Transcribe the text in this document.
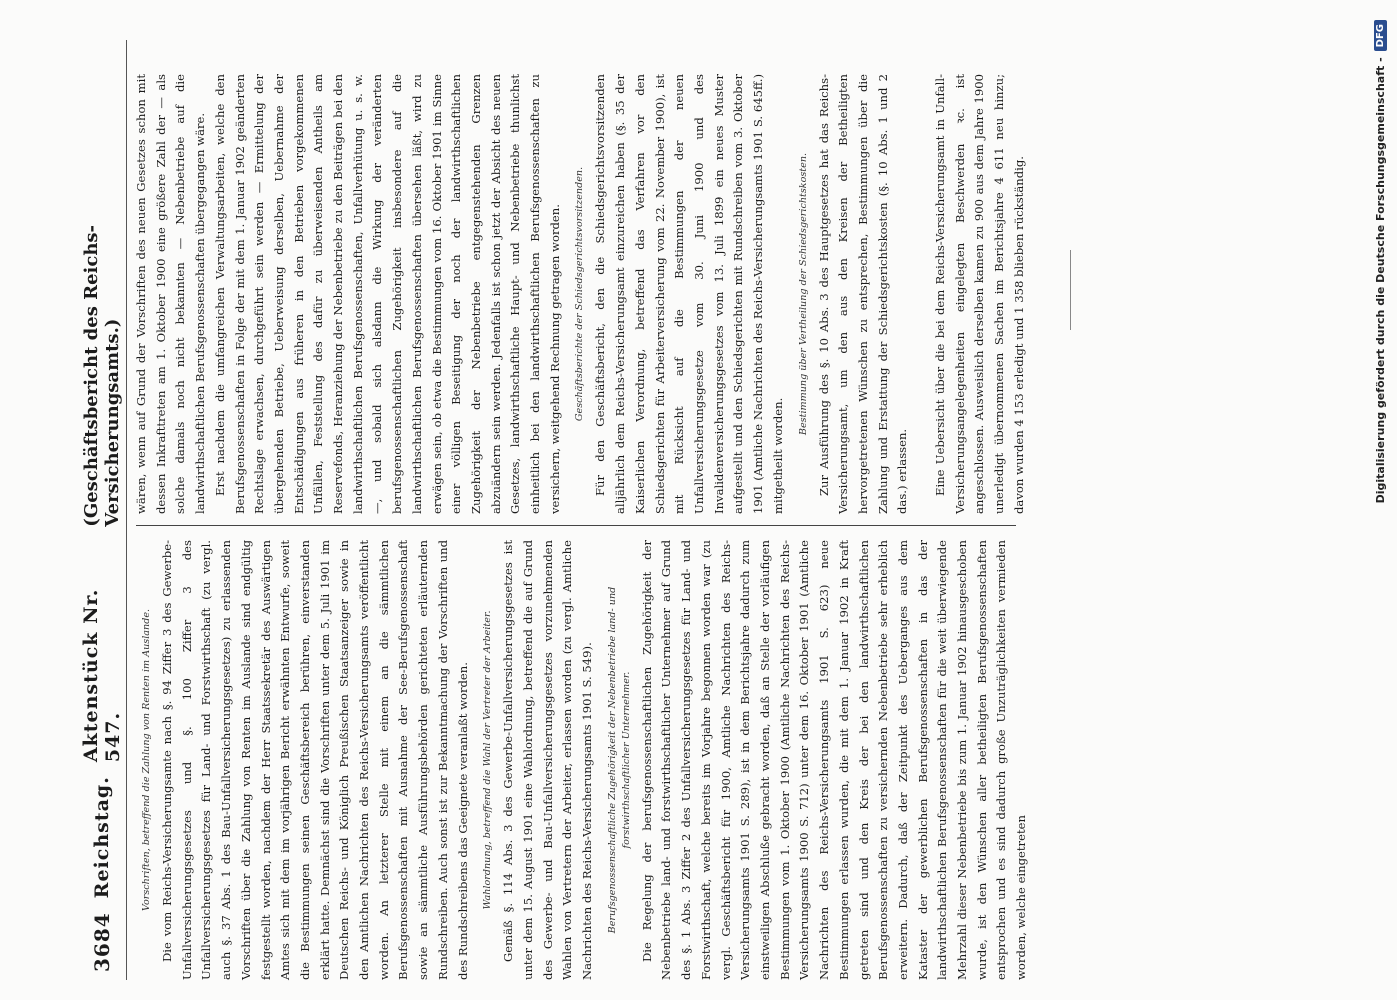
3684
Reichstag.
Aktenstück Nr. 547.
(Geschäftsbericht des Reichs-Versicherungsamts.)
Vorschriften, betreffend die Zahlung von Renten im Auslande. Die vom Reichs-Versicherungsamte nach §. 94 Ziffer 3 des Gewerbe-Unfallversicherungsgesetzes und §. 100 Ziffer 3 des Unfallversicherungsgesetzes für Land- und Forstwirthschaft (zu vergl. auch §. 37 Abs. 1 des Bau-Unfallversicherungsgesetzes) zu erlassenden Vorschriften über die Zahlung von Renten im Auslande sind endgültig festgestellt worden, nachdem der Herr Staatssekretär des Auswärtigen Amtes sich mit dem im vorjährigen Bericht erwähnten Entwurfe, soweit die Bestimmungen seinen Geschäftsbereich berühren, einverstanden erklärt hatte. Demnächst sind die Vorschriften unter dem 5. Juli 1901 im Deutschen Reichs- und Königlich Preußischen Staatsanzeiger sowie in den Amtlichen Nachrichten des Reichs-Versicherungsamts veröffentlicht worden. An letzterer Stelle mit einem an die sämmtlichen Berufsgenossenschaften mit Ausnahme der See-Berufsgenossenschaft sowie an sämmtliche Ausführungsbehörden gerichteten erläuternden Rundschreiben. Auch sonst ist zur Bekanntmachung der Vorschriften und des Rundschreibens das Geeignete veranlaßt worden.	Wahlordnung, betreffend die Wahl der Vertreter der Arbeiter. Gemäß §. 114 Abs. 3 des Gewerbe-Unfallversicherungsgesetzes ist unter dem 15. August 1901 eine Wahlordnung, betreffend die auf Grund des Gewerbe- und Bau-Unfallversicherungsgesetzes vorzunehmenden Wahlen von Vertretern der Arbeiter, erlassen worden (zu vergl. Amtliche Nachrichten des Reichs-Versicherungsamts 1901 S. 549).	Berufsgenossenschaftliche Zugehörigkeit der Nebenbetriebe land- und forstwirthschaftlicher Unternehmer. Die Regelung der berufsgenossenschaftlichen Zugehörigkeit der Nebenbetriebe land- und forstwirthschaftlicher Unternehmer auf Grund des §. 1 Abs. 3 Ziffer 2 des Unfallversicherungsgesetzes für Land- und Forstwirthschaft, welche bereits im Vorjahre begonnen worden war (zu vergl. Geschäftsbericht für 1900, Amtliche Nachrichten des Reichs-Versicherungsamts 1901 S. 289), ist in dem Berichtsjahre dadurch zum einstweiligen Abschluße gebracht worden, daß an Stelle der vorläufigen Bestimmungen vom 1. Oktober 1900 (Amtliche Nachrichten des Reichs-Versicherungsamts 1900 S. 712) unter dem 16. Oktober 1901 (Amtliche Nachrichten des Reichs-Versicherungsamts 1901 S. 623) neue Bestimmungen erlassen wurden, die mit dem 1. Januar 1902 in Kraft getreten sind und den Kreis der bei den landwirthschaftlichen Berufsgenossenschaften zu versichernden Nebenbetriebe sehr erheblich erweitern. Dadurch, daß der Zeitpunkt des Ueberganges aus dem Kataster der gewerblichen Berufsgenossenschaften in das der landwirthschaftlichen Berufsgenossenschaften für die weit überwiegende Mehrzahl dieser Nebenbetriebe bis zum 1. Januar 1902 hinausgeschoben wurde, ist den Wünschen aller betheiligten Berufsgenossenschaften entsprochen und es sind dadurch große Unzuträglichkeiten vermieden worden, welche eingetreten

wären, wenn auf Grund der Vorschriften des neuen Gesetzes schon mit dessen Inkrafttreten am 1. Oktober 1900 eine größere Zahl der — als solche damals noch nicht bekannten — Nebenbetriebe auf die landwirthschaftlichen Berufsgenossenschaften übergegangen wäre. Erst nachdem die umfangreichen Verwaltungsarbeiten, welche den Berufsgenossenschaften in Folge der mit dem 1. Januar 1902 geänderten Rechtslage erwachsen, durchgeführt sein werden — Ermittelung der übergehenden Betriebe, Ueberweisung derselben, Uebernahme der Entschädigungen aus früheren in den Betrieben vorgekommenen Unfällen, Feststellung des dafür zu überweisenden Antheils am Reservefonds, Heranziehung der Nebenbetriebe zu den Beiträgen bei den landwirthschaftlichen Berufsgenossenschaften, Unfallverhütung u. s. w. —, und sobald sich alsdann die Wirkung der veränderten berufsgenossenschaftlichen Zugehörigkeit insbesondere auf die landwirthschaftlichen Berufsgenossenschaften übersehen läßt, wird zu erwägen sein, ob etwa die Bestimmungen vom 16. Oktober 1901 im Sinne einer völligen Beseitigung der noch der landwirthschaftlichen Zugehörigkeit der Nebenbetriebe entgegenstehenden Grenzen abzuändern sein werden. Jedenfalls ist schon jetzt der Absicht des neuen Gesetzes, landwirthschaftliche Haupt- und Nebenbetriebe thunlichst einheitlich bei den landwirthschaftlichen Berufsgenossenschaften zu versichern, weitgehend Rechnung getragen worden.	Geschäftsberichte der Schiedsgerichtsvorsitzenden. Für den Geschäftsbericht, den die Schiedsgerichtsvorsitzenden alljährlich dem Reichs-Versicherungsamt einzureichen haben (§. 35 der Kaiserlichen Verordnung, betreffend das Verfahren vor den Schiedsgerichten für Arbeiterversicherung vom 22. November 1900), ist mit Rücksicht auf die Bestimmungen der neuen Unfallversicherungsgesetze vom 30. Juni 1900 und des Invalidenversicherungsgesetzes vom 13. Juli 1899 ein neues Muster aufgestellt und den Schiedsgerichten mit Rundschreiben vom 3. Oktober 1901 (Amtliche Nachrichten des Reichs-Versicherungsamts 1901 S. 645ff.) mitgetheilt worden.

Bestimmung über Vertheilung der Schiedsgerichtskosten. Zur Ausführung des §. 10 Abs. 3 des Hauptgesetzes hat das Reichs-Versicherungsamt, um den aus den Kreisen der Betheiligten hervorgetretenen Wünschen zu entsprechen, Bestimmungen über die Zahlung und Erstattung der Schiedsgerichtskosten (§. 10 Abs. 1 und 2 das.) erlassen.	Eine Uebersicht über die bei dem Reichs-Versicherungsamt in Unfall-Versicherungsangelegenheiten eingelegten Beschwerden ꝛc. ist angeschlossen. Ausweislich derselben kamen zu 900 aus dem Jahre 1900 unerledigt übernommenen Sachen im Berichtsjahre 4 611 neu hinzu; davon wurden 4 153 erledigt und 1 358 blieben rückständig.	Digitalisierung gefördert durch die Deutsche Forschungsgemeinschaft -
DFG
